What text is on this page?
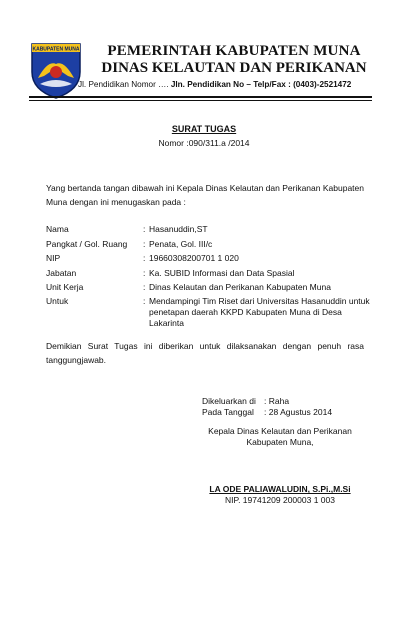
KABUPATEN MUNA	PEMERINTAH KABUPATEN MUNA
DINAS KELAUTAN DAN PERIKANAN
Jl. Pendidikan Nomor …. Jln. Pendidikan No – Telp/Fax : (0403)-2521472
SURAT TUGAS
Nomor :090/311.a /2014
Yang bertanda tangan dibawah ini Kepala Dinas Kelautan dan Perikanan Kabupaten Muna dengan ini menugaskan pada :
Nama	: Hasanuddin,ST
Pangkat / Gol. Ruang	: Penata, Gol. III/c
NIP	: 19660308200701 1 020
Jabatan	: Ka. SUBID Informasi dan Data Spasial
Unit Kerja	: Dinas Kelautan dan Perikanan Kabupaten Muna
Untuk	: Mendampingi Tim Riset dari Universitas Hasanuddin untuk penetapan daerah KKPD Kabupaten Muna di Desa Lakarinta
Demikian Surat Tugas ini diberikan untuk dilaksanakan dengan penuh rasa tanggungjawab.
Dikeluarkan di : Raha
Pada Tanggal : 28 Agustus 2014
Kepala Dinas Kelautan dan Perikanan
Kabupaten Muna,
LA ODE PALIAWALUDIN, S.Pi.,M.Si
NIP. 19741209 200003 1 003
